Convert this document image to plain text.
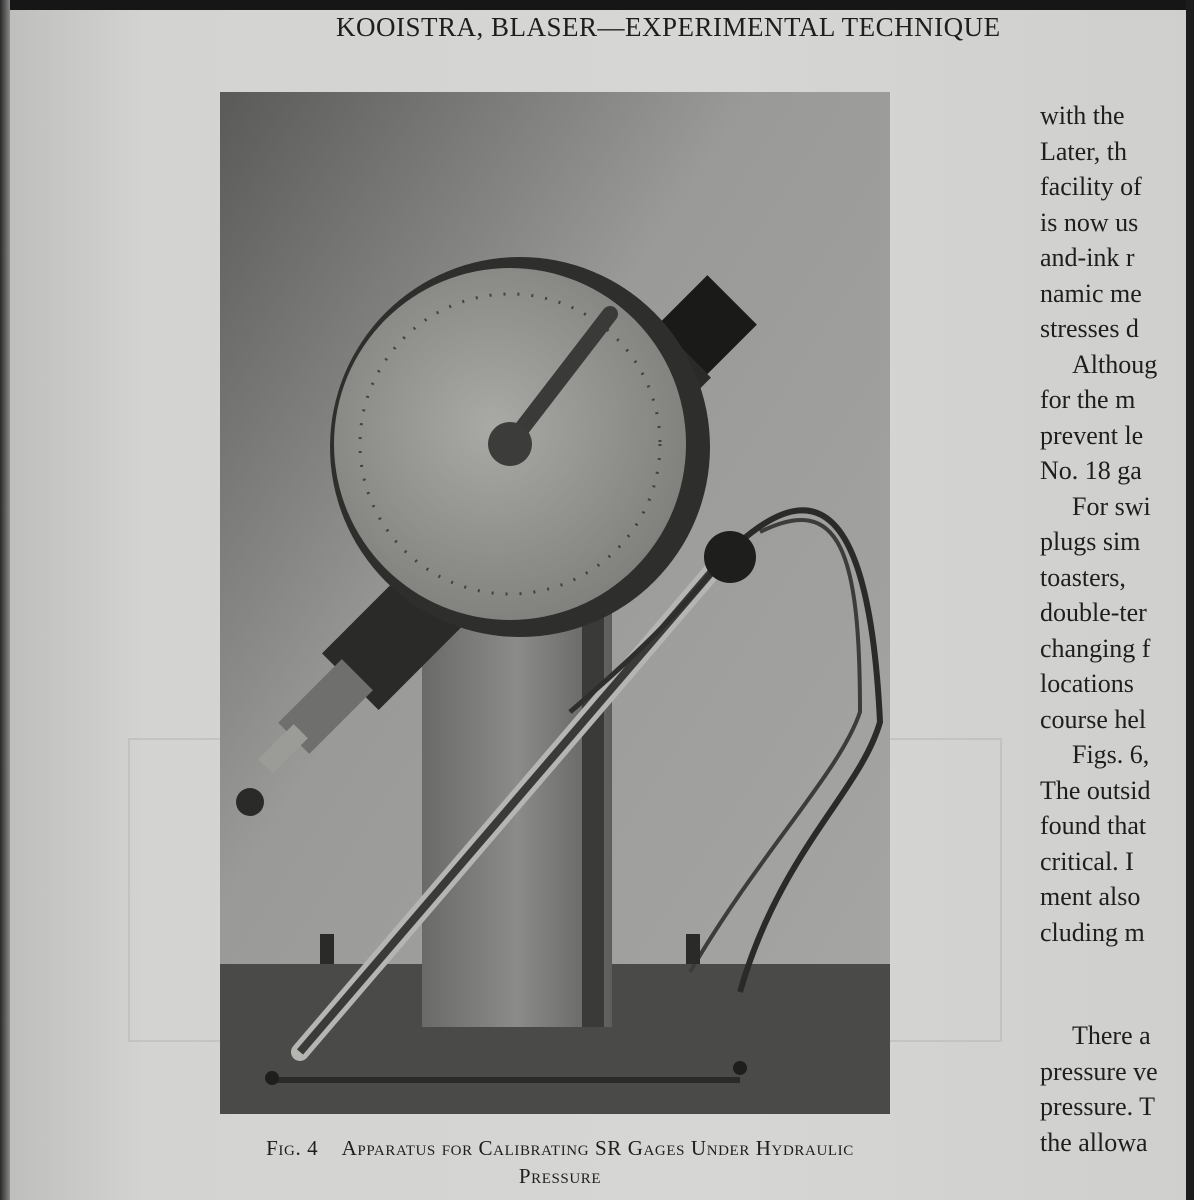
KOOISTRA, BLASER—EXPERIMENTAL TECHNIQUE
Fig. 4 Apparatus for Calibrating SR Gages Under Hydraulic
Pressure
with the
Later, th
facility of
is now us
and-ink r
namic me
stresses d
Althoug
for the m
prevent le
No. 18 ga
For swi
plugs sim
toasters,
double-ter
changing f
locations
course hel
Figs. 6,
The outsid
found that
critical. I
ment also
cluding m
There a
pressure ve
pressure. T
the allowa
